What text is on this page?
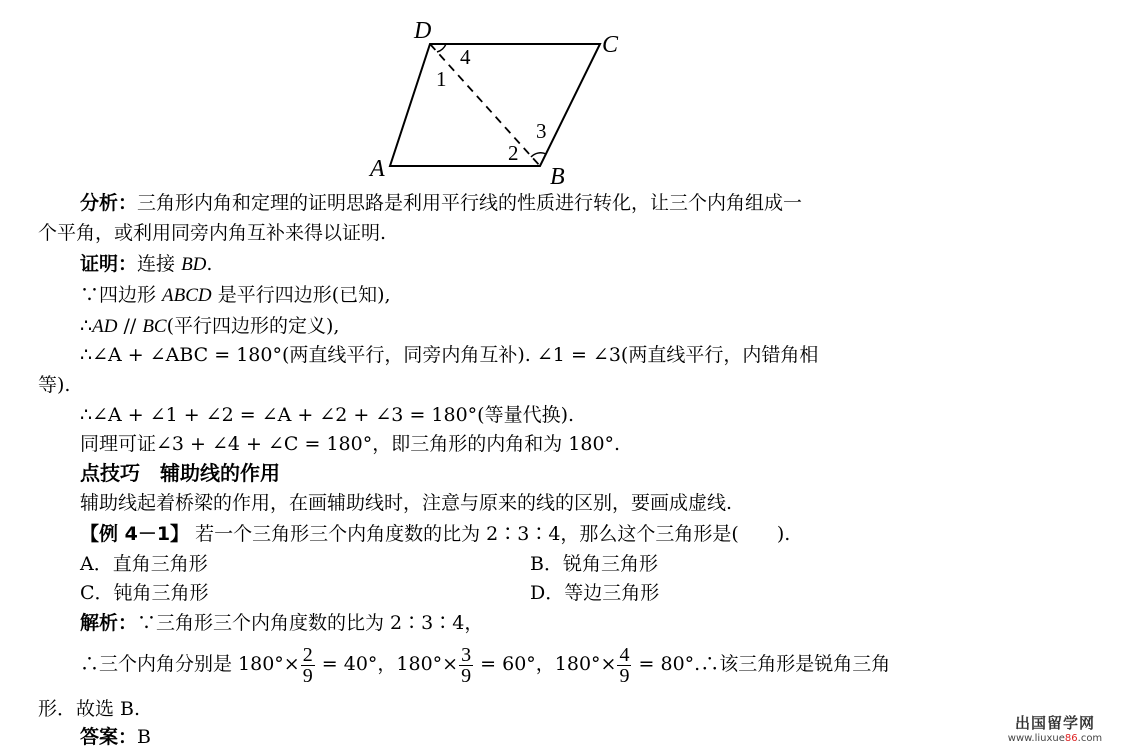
D
C
A	B
1
4
2
3
分析：三角形内角和定理的证明思路是利用平行线的性质进行转化，让三个内角组成一
个平角，或利用同旁内角互补来得以证明.
证明：连接 BD.
∵四边形 ABCD 是平行四边形(已知),
∴AD // BC(平行四边形的定义),
∴∠A + ∠ABC = 180°(两直线平行，同旁内角互补). ∠1 = ∠3(两直线平行，内错角相
等).
∴∠A + ∠1 + ∠2 = ∠A + ∠2 + ∠3 = 180°(等量代换).
同理可证∠3 + ∠4 + ∠C = 180°，即三角形的内角和为 180°.
点技巧　辅助线的作用
辅助线起着桥梁的作用，在画辅助线时，注意与原来的线的区别，要画成虚线.
【例 4－1】 若一个三角形三个内角度数的比为 2∶3∶4，那么这个三角形是(　　).
A．直角三角形	B．锐角三角形
C．钝角三角形	D．等边三角形
解析：∵三角形三个内角度数的比为 2∶3∶4，
∴三个内角分别是 $180^\circ\times \frac{2}{9} = 40^\circ$，$180^\circ\times \frac{3}{9} = 60^\circ$，$180^\circ\times \frac{4}{9}$ = 80°.∴该三角形是锐角三角
形．故选 B.
答案：B
出国留学网
www.liuxue86.com
